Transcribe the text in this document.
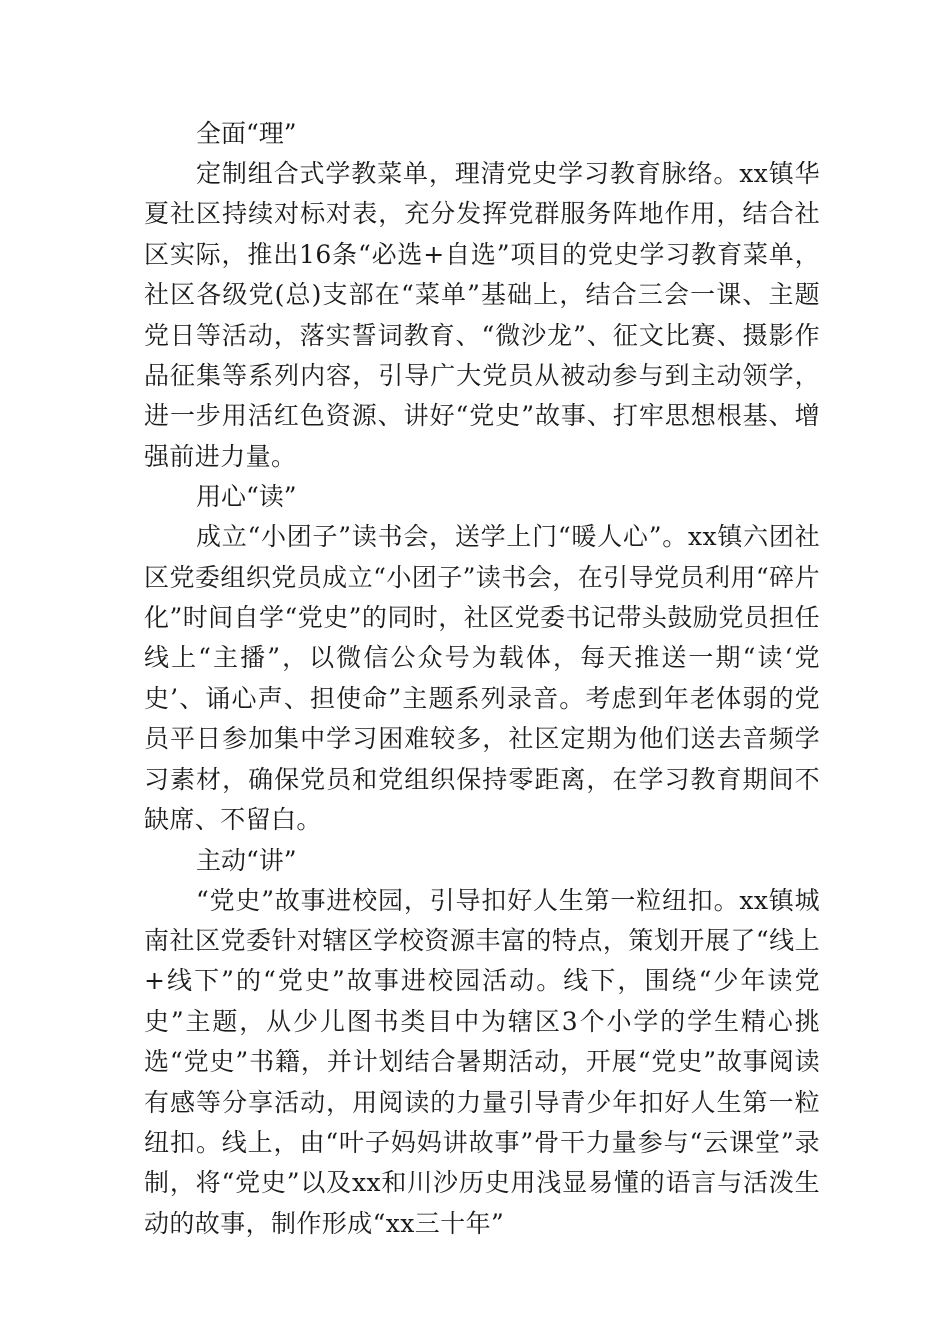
全面“理”

定制组合式学教菜单，理清党史学习教育脉络。xx镇华夏社区持续对标对表，充分发挥党群服务阵地作用，结合社区实际，推出16条“必选+自选”项目的党史学习教育菜单，社区各级党(总)支部在“菜单”基础上，结合三会一课、主题党日等活动，落实誓词教育、“微沙龙”、征文比赛、摄影作品征集等系列内容，引导广大党员从被动参与到主动领学，进一步用活红色资源、讲好“党史”故事、打牢思想根基、增强前进力量。

用心“读”

成立“小团子”读书会，送学上门“暖人心”。xx镇六团社区党委组织党员成立“小团子”读书会，在引导党员利用“碎片化”时间自学“党史”的同时，社区党委书记带头鼓励党员担任线上“主播”，以微信公众号为载体，每天推送一期“读‘党史’、诵心声、担使命”主题系列录音。考虑到年老体弱的党员平日参加集中学习困难较多，社区定期为他们送去音频学习素材，确保党员和党组织保持零距离，在学习教育期间不缺席、不留白。

主动“讲”

“党史”故事进校园，引导扣好人生第一粒纽扣。xx镇城南社区党委针对辖区学校资源丰富的特点，策划开展了“线上+线下”的“党史”故事进校园活动。线下，围绕“少年读党史”主题，从少儿图书类目中为辖区3个小学的学生精心挑选“党史”书籍，并计划结合暑期活动，开展“党史”故事阅读有感等分享活动，用阅读的力量引导青少年扣好人生第一粒纽扣。线上，由“叶子妈妈讲故事”骨干力量参与“云课堂”录制，将“党史”以及xx和川沙历史用浅显易懂的语言与活泼生动的故事，制作形成“xx三十年”
